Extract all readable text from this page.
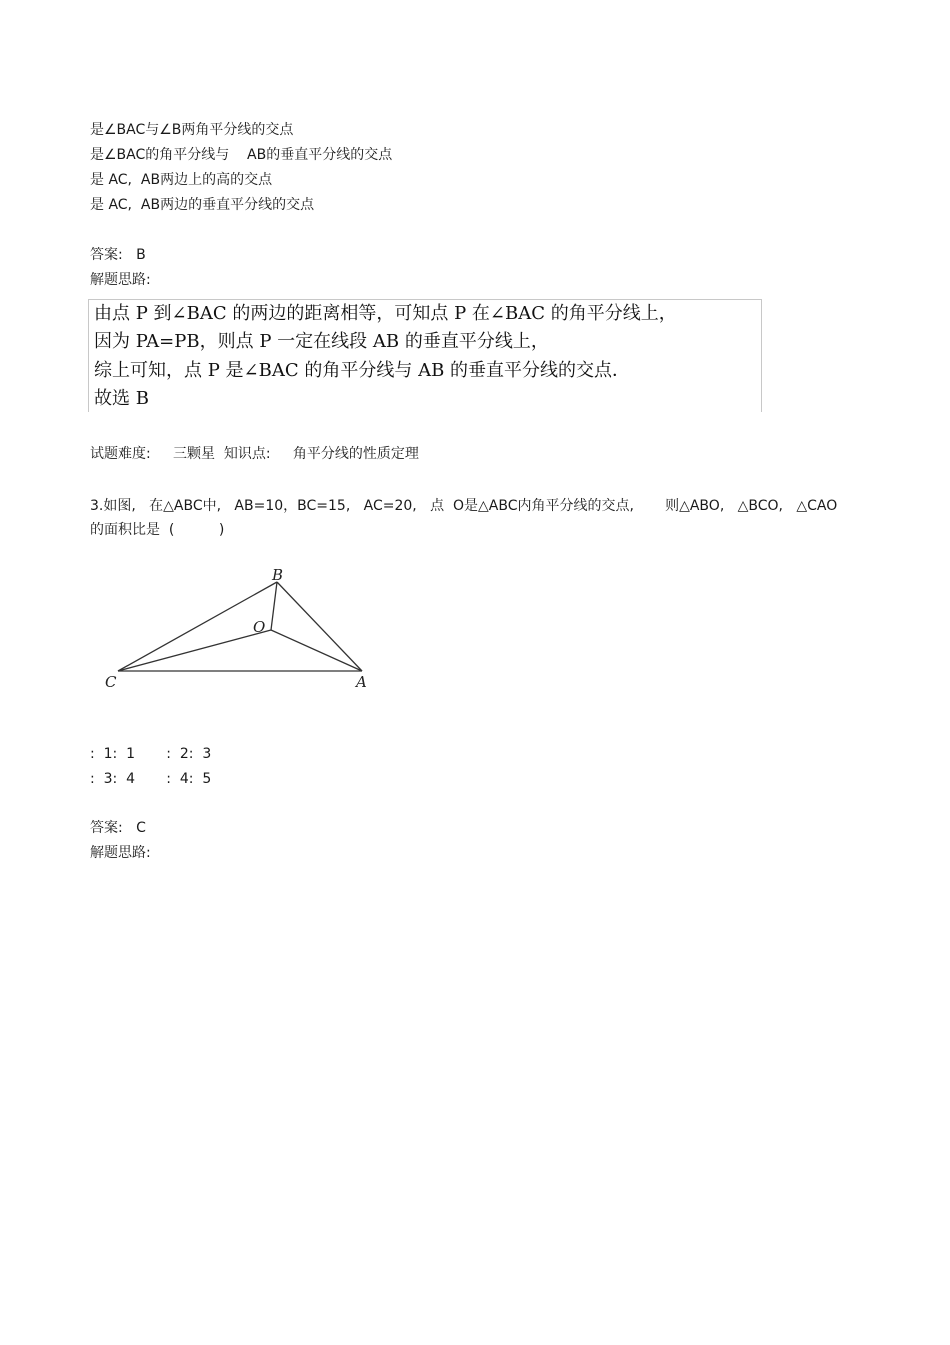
是∠BAC与∠B两角平分线的交点
是∠BAC的角平分线与    AB的垂直平分线的交点
是 AC,  AB两边上的高的交点
是 AC,  AB两边的垂直平分线的交点
答案:   B
解题思路:
由点 P 到∠BAC 的两边的距离相等，可知点 P 在∠BAC 的角平分线上，
因为 PA=PB，则点 P 一定在线段 AB 的垂直平分线上，
综上可知，点 P 是∠BAC 的角平分线与 AB 的垂直平分线的交点．
故选 B
试题难度:     三颗星  知识点:     角平分线的性质定理
3.如图,   在△ABC中,   AB=10，BC=15,   AC=20,   点  O是△ABC内角平分线的交点,       则△ABO,   △BCO,   △CAO
的面积比是  (          )
B
O
C	A
:  1:  1       :  2:  3
:  3:  4       :  4:  5
答案:   C
解题思路:
